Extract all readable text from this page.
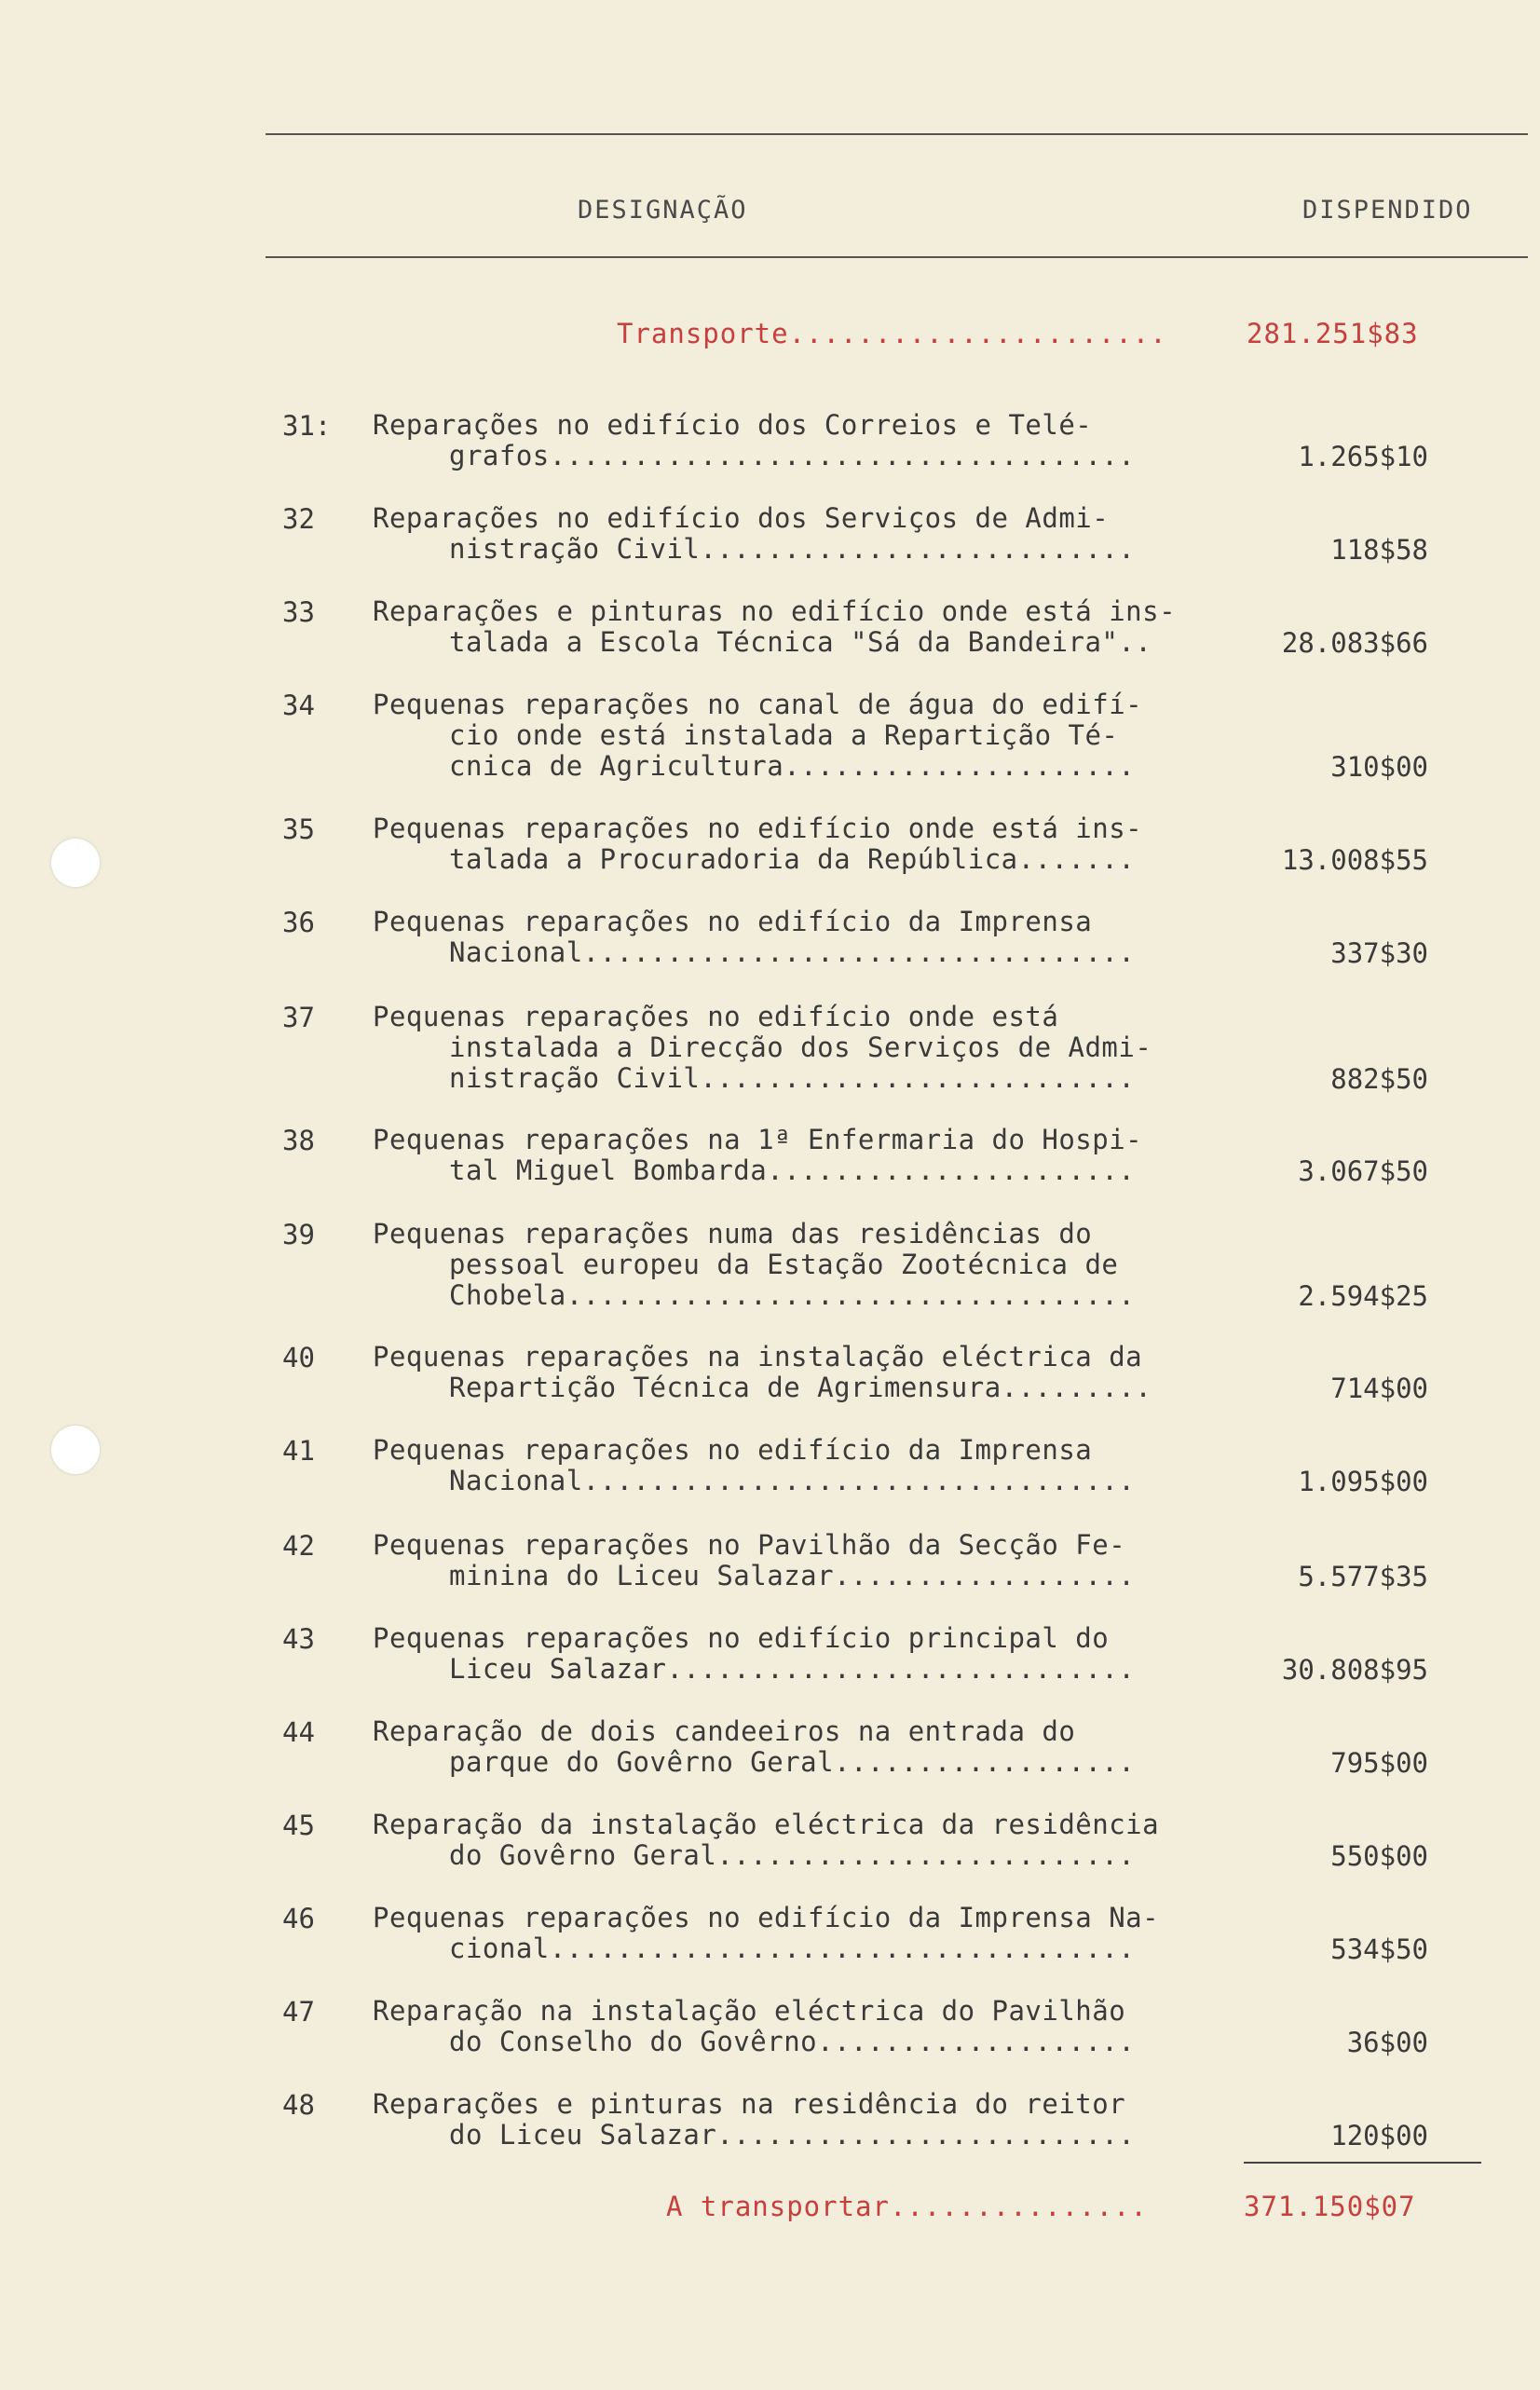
DESIGNAÇÃO	DISPENDIDO
Transporte......................	281.251$83
31: Reparações no edifício dos Correios e Telé-
grafos...................................	1.265$10
32 Reparações no edifício dos Serviços de Admi-
nistração Civil..........................	118$58
33 Reparações e pinturas no edifício onde está ins-
talada a Escola Técnica "Sá da Bandeira"..	28.083$66
34 Pequenas reparações no canal de água do edifí-
cio onde está instalada a Repartição Té-
cnica de Agricultura.....................	310$00
35 Pequenas reparações no edifício onde está ins-
talada a Procuradoria da República.......	13.008$55
36 Pequenas reparações no edifício da Imprensa
Nacional.................................	337$30
37 Pequenas reparações no edifício onde está
instalada a Direcção dos Serviços de Admi-
nistração Civil..........................	882$50
38 Pequenas reparações na 1ª Enfermaria do Hospi-
tal Miguel Bombarda......................	3.067$50
39 Pequenas reparações numa das residências do
pessoal europeu da Estação Zootécnica de
Chobela..................................	2.594$25
40 Pequenas reparações na instalação eléctrica da
Repartição Técnica de Agrimensura.........	714$00
41 Pequenas reparações no edifício da Imprensa
Nacional.................................	1.095$00
42 Pequenas reparações no Pavilhão da Secção Fe-
minina do Liceu Salazar..................	5.577$35
43 Pequenas reparações no edifício principal do
Liceu Salazar............................	30.808$95
44 Reparação de dois candeeiros na entrada do
parque do Govêrno Geral..................	795$00
45 Reparação da instalação eléctrica da residência
do Govêrno Geral.........................	550$00
46 Pequenas reparações no edifício da Imprensa Na-
cional...................................	534$50
47 Reparação na instalação eléctrica do Pavilhão
do Conselho do Govêrno...................	36$00
48 Reparações e pinturas na residência do reitor
do Liceu Salazar.........................	120$00
A transportar...............	371.150$07
